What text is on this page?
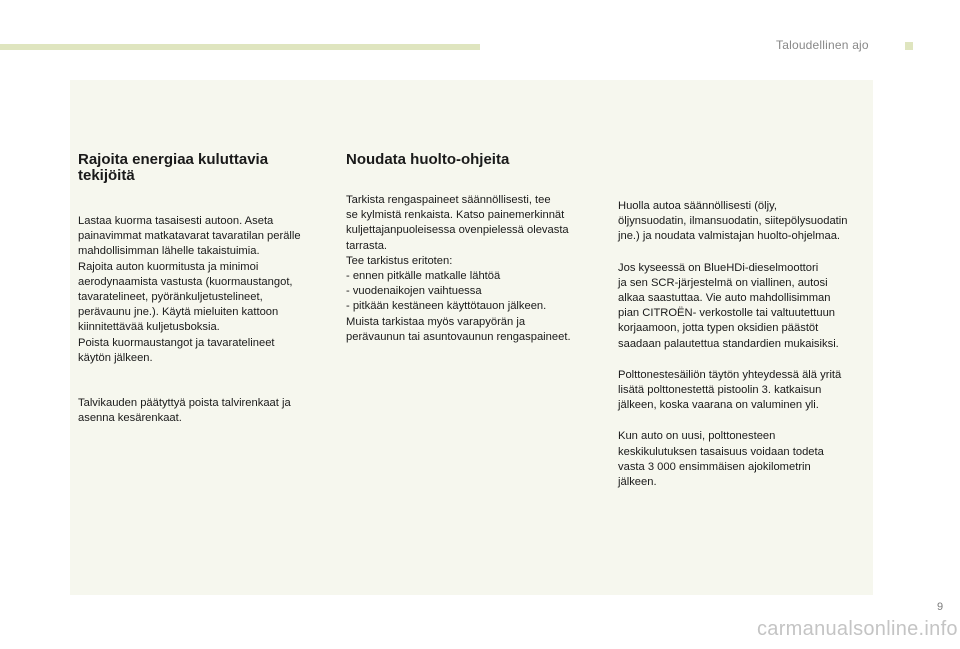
Taloudellinen ajo
Rajoita energiaa kuluttavia
tekijöitä

Lastaa kuorma tasaisesti autoon. Aseta
painavimmat matkatavarat tavaratilan perälle
mahdollisimman lähelle takaistuimia.
Rajoita auton kuormitusta ja minimoi
aerodynaamista vastusta (kuormaustangot,
tavaratelineet, pyöränkuljetustelineet,
perävaunu jne.). Käytä mieluiten kattoon
kiinnitettävää kuljetusboksia.
Poista kuormaustangot ja tavaratelineet
käytön jälkeen.

Talvikauden päätyttyä poista talvirenkaat ja
asenna kesärenkaat.

Noudata huolto-ohjeita

Tarkista rengaspaineet säännöllisesti, tee
se kylmistä renkaista. Katso painemerkinnät
kuljettajanpuoleisessa ovenpielessä olevasta
tarrasta.
Tee tarkistus eritoten:
- ennen pitkälle matkalle lähtöä
- vuodenaikojen vaihtuessa
- pitkään kestäneen käyttötauon jälkeen.
Muista tarkistaa myös varapyörän ja
perävaunun tai asuntovaunun rengaspaineet.

Huolla autoa säännöllisesti (öljy,
öljynsuodatin, ilmansuodatin, siitepölysuodatin
jne.) ja noudata valmistajan huolto-ohjelmaa.

Jos kyseessä on BlueHDi-dieselmoottori
ja sen SCR-järjestelmä on viallinen, autosi
alkaa saastuttaa. Vie auto mahdollisimman
pian CITROËN- verkostolle tai valtuutettuun
korjaamoon, jotta typen oksidien päästöt
saadaan palautettua standardien mukaisiksi.

Polttonestesäiliön täytön yhteydessä älä yritä
lisätä polttonestettä pistoolin 3. katkaisun
jälkeen, koska vaarana on valuminen yli.

Kun auto on uusi, polttonesteen
keskikulutuksen tasaisuus voidaan todeta
vasta 3 000 ensimmäisen ajokilometrin
jälkeen.

9
carmanualsonline.info
